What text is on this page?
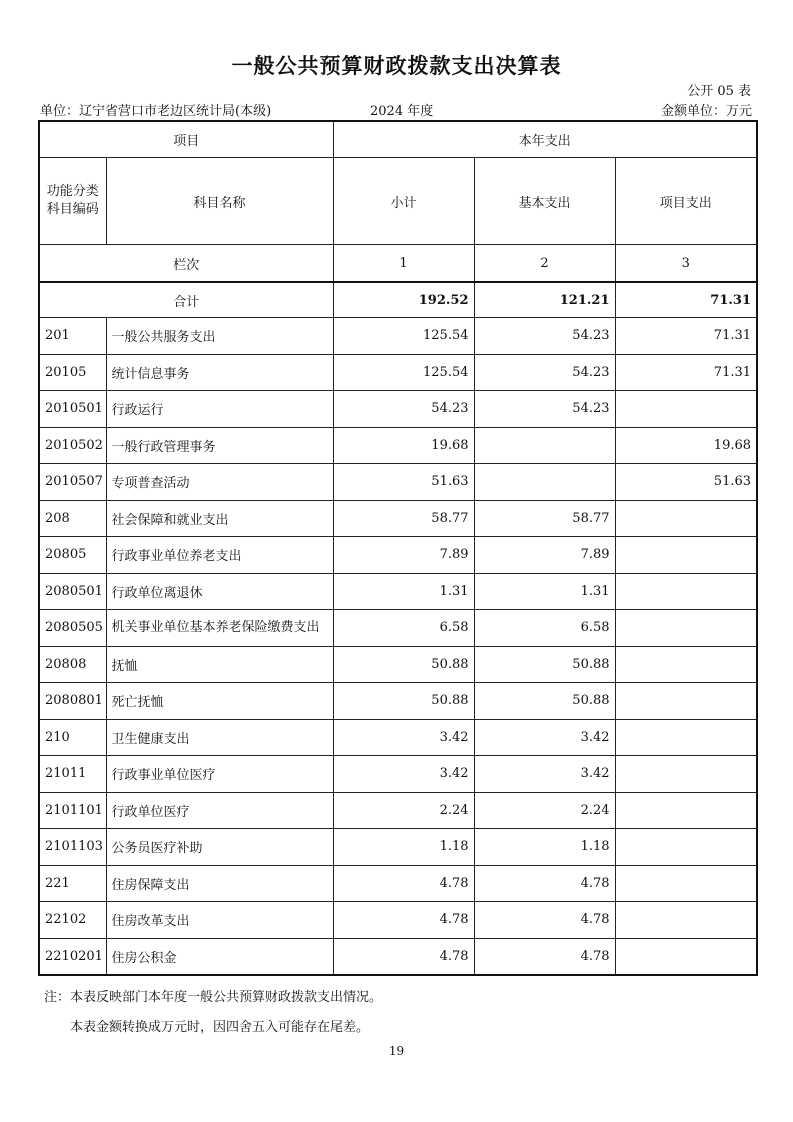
一般公共预算财政拨款支出决算表
公开 05 表
单位：辽宁省营口市老边区统计局(本级)	2024 年度	金额单位：万元
项目		本年支出		
功能分类
科目编码	科目名称	小计	基本支出	项目支出
栏次		1	2	3
合计		192.52	121.21	71.31
201	一般公共服务支出	125.54	54.23	71.31
20105	统计信息事务	125.54	54.23	71.31
2010501	行政运行	54.23	54.23	
2010502	一般行政管理事务	19.68		19.68
2010507	专项普查活动	51.63		51.63
208	社会保障和就业支出	58.77	58.77	
20805	行政事业单位养老支出	7.89	7.89	
2080501	行政单位离退休	1.31	1.31	
2080505	机关事业单位基本养老保险缴费支出	6.58	6.58	
20808	抚恤	50.88	50.88	
2080801	死亡抚恤	50.88	50.88	
210	卫生健康支出	3.42	3.42	
21011	行政事业单位医疗	3.42	3.42	
2101101	行政单位医疗	2.24	2.24	
2101103	公务员医疗补助	1.18	1.18	
221	住房保障支出	4.78	4.78	
22102	住房改革支出	4.78	4.78	
2210201	住房公积金	4.78	4.78	
注：本表反映部门本年度一般公共预算财政拨款支出情况。
本表金额转换成万元时，因四舍五入可能存在尾差。
19
